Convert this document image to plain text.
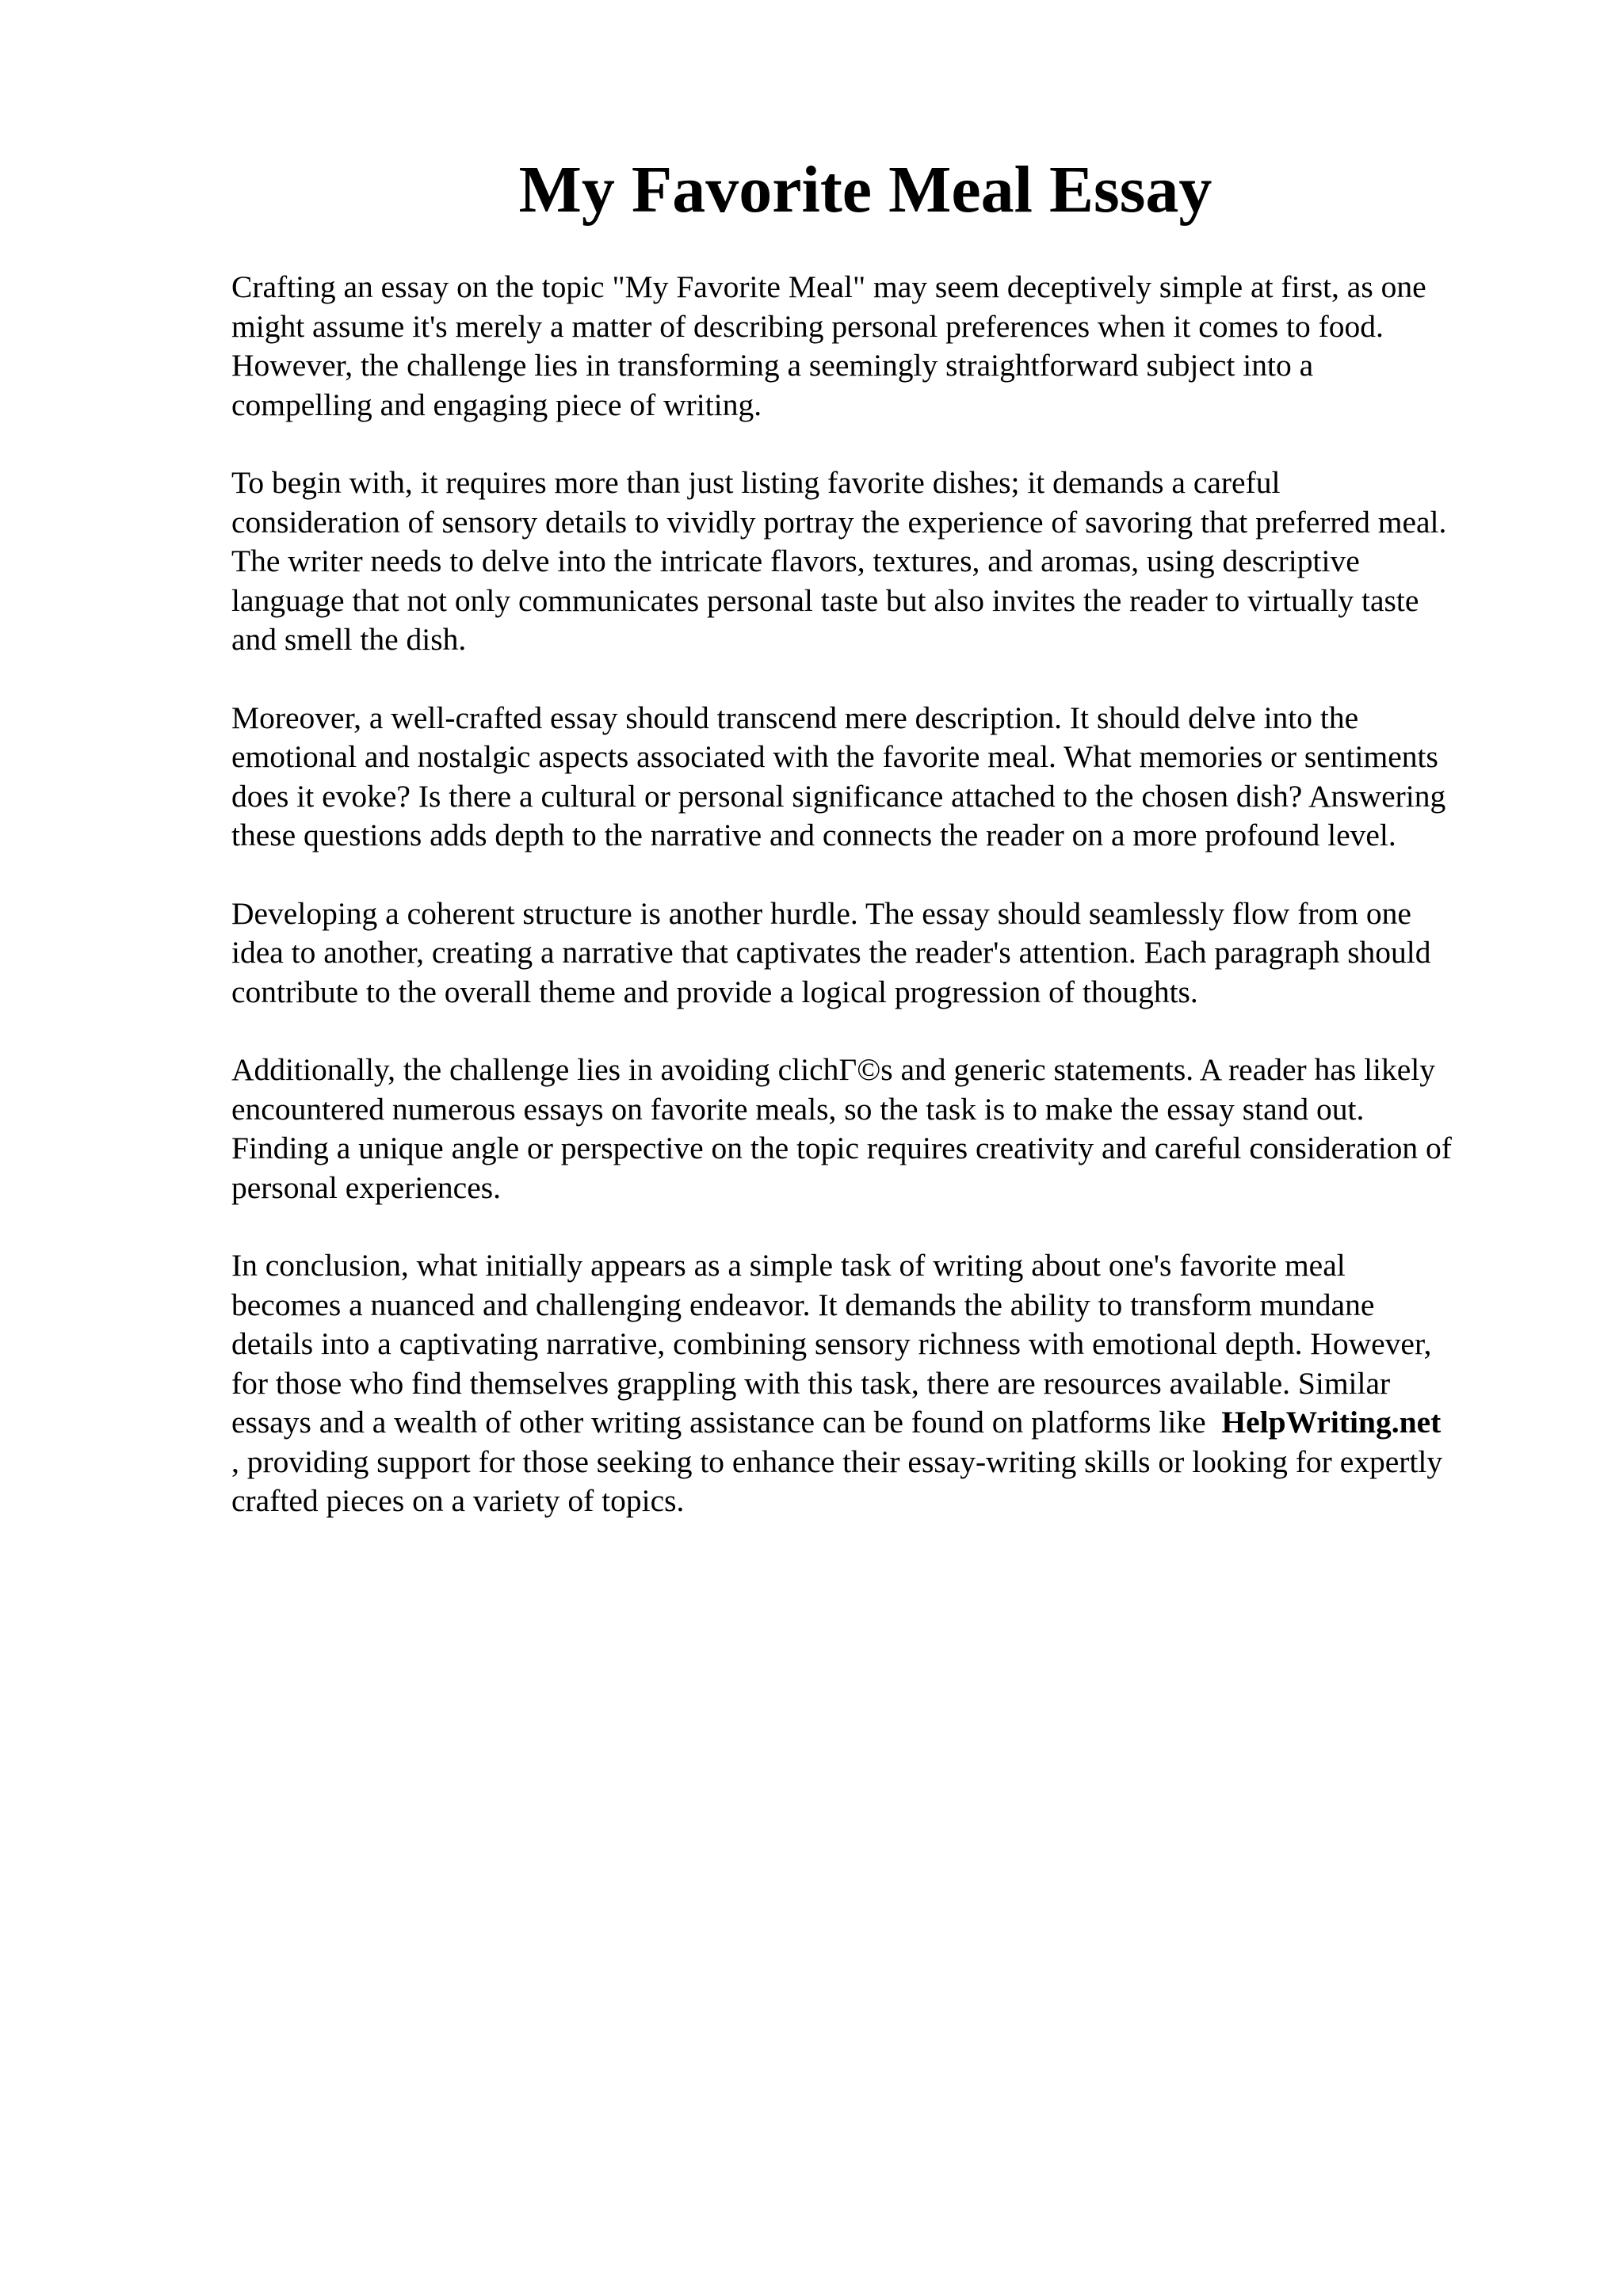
My Favorite Meal Essay

Crafting an essay on the topic "My Favorite Meal" may seem deceptively simple at first, as one
might assume it's merely a matter of describing personal preferences when it comes to food.
However, the challenge lies in transforming a seemingly straightforward subject into a
compelling and engaging piece of writing.

To begin with, it requires more than just listing favorite dishes; it demands a careful
consideration of sensory details to vividly portray the experience of savoring that preferred meal.
The writer needs to delve into the intricate flavors, textures, and aromas, using descriptive
language that not only communicates personal taste but also invites the reader to virtually taste
and smell the dish.

Moreover, a well-crafted essay should transcend mere description. It should delve into the
emotional and nostalgic aspects associated with the favorite meal. What memories or sentiments
does it evoke? Is there a cultural or personal significance attached to the chosen dish? Answering
these questions adds depth to the narrative and connects the reader on a more profound level.

Developing a coherent structure is another hurdle. The essay should seamlessly flow from one
idea to another, creating a narrative that captivates the reader's attention. Each paragraph should
contribute to the overall theme and provide a logical progression of thoughts.

Additionally, the challenge lies in avoiding clichΓ©s and generic statements. A reader has likely
encountered numerous essays on favorite meals, so the task is to make the essay stand out.
Finding a unique angle or perspective on the topic requires creativity and careful consideration of
personal experiences.

In conclusion, what initially appears as a simple task of writing about one's favorite meal
becomes a nuanced and challenging endeavor. It demands the ability to transform mundane
details into a captivating narrative, combining sensory richness with emotional depth. However,
for those who find themselves grappling with this task, there are resources available. Similar
essays and a wealth of other writing assistance can be found on platforms like  HelpWriting.net
, providing support for those seeking to enhance their essay-writing skills or looking for expertly
crafted pieces on a variety of topics.
